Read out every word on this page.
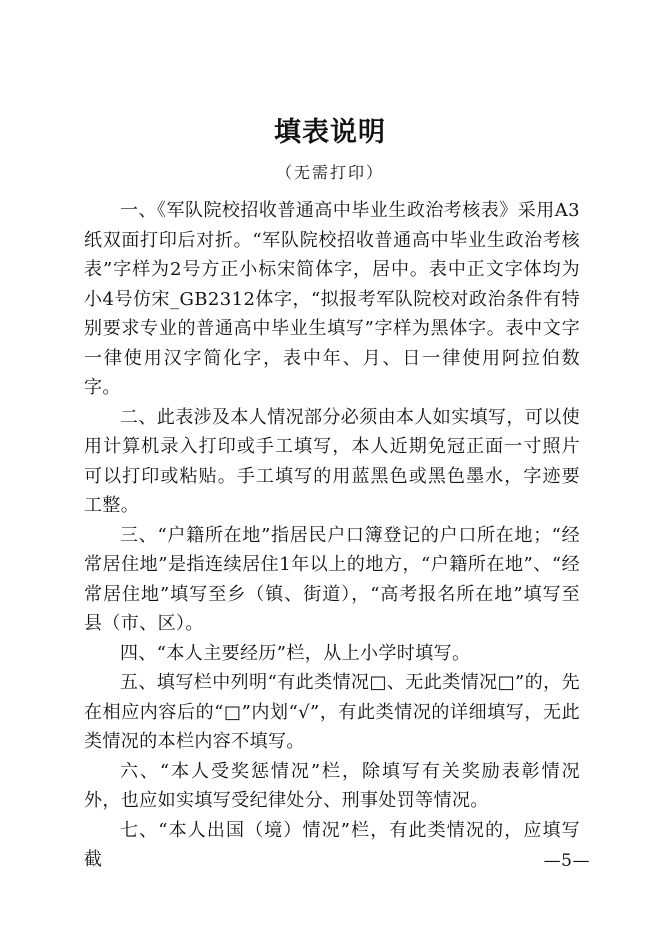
填表说明
（无需打印）

一、《军队院校招收普通高中毕业生政治考核表》采用A3纸双面打印后对折。“军队院校招收普通高中毕业生政治考核表”字样为2号方正小标宋简体字，居中。表中正文字体均为小4号仿宋_GB2312体字，“拟报考军队院校对政治条件有特别要求专业的普通高中毕业生填写”字样为黑体字。表中文字一律使用汉字简化字，表中年、月、日一律使用阿拉伯数字。

二、此表涉及本人情况部分必须由本人如实填写，可以使用计算机录入打印或手工填写，本人近期免冠正面一寸照片可以打印或粘贴。手工填写的用蓝黑色或黑色墨水，字迹要工整。

三、“户籍所在地”指居民户口簿登记的户口所在地；“经常居住地”是指连续居住1年以上的地方，“户籍所在地”、“经常居住地”填写至乡（镇、街道），“高考报名所在地”填写至县（市、区）。

四、“本人主要经历”栏，从上小学时填写。

五、填写栏中列明“有此类情况□、无此类情况□”的，先在相应内容后的“□”内划“√”，有此类情况的详细填写，无此类情况的本栏内容不填写。

六、“本人受奖惩情况”栏，除填写有关奖励表彰情况外，也应如实填写受纪律处分、刑事处罚等情况。

七、“本人出国（境）情况”栏，有此类情况的，应填写截	—5—
